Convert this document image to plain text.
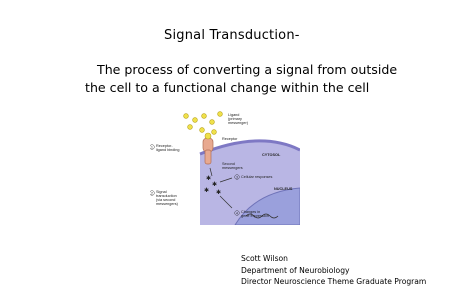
Signal Transduction-
The process of converting a signal from outside
the cell to a functional change within the cell
✱
✱
✱ ✱
Ligand
(primary
messenger)
Receptor
CYTOSOL
NUCLEUS
1 Receptor-
ligand binding
2 Signal
transduction
(via second
messengers)
Second
messengers
3 Cellular responses
4 Changes in
gene expression
Scott Wilson
Department of Neurobiology
Director Neuroscience Theme Graduate Program
